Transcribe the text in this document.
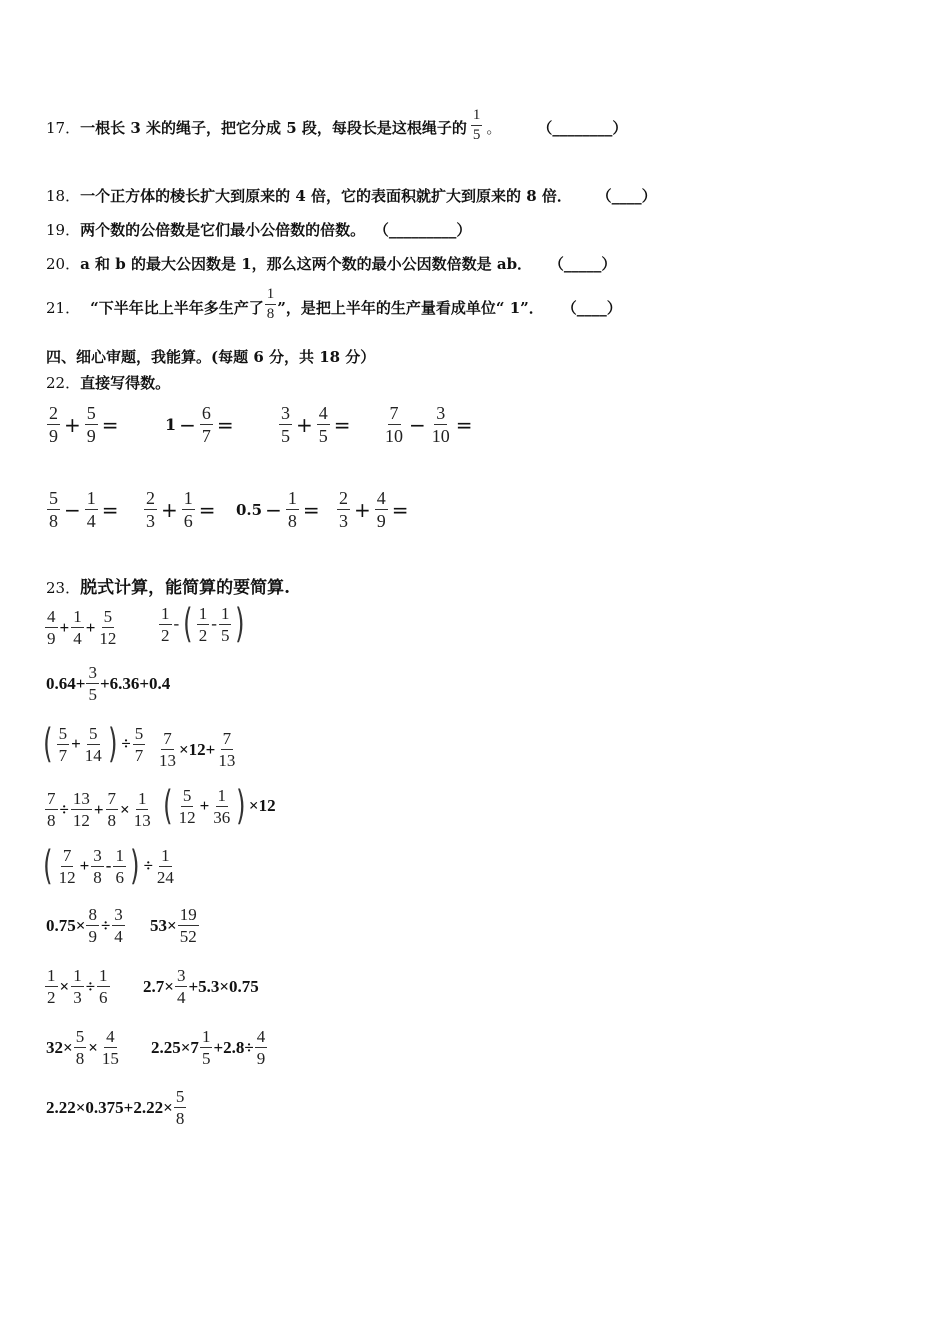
17． 一根长 3 米的绳子，把它分成 5 段，每段长是这根绳子的 $\frac{1}{5}$ 。 （________）
18．一个正方体的棱长扩大到原来的 4 倍，它的表面积就扩大到原来的 8 倍． （____）
19．两个数的公倍数是它们最小公倍数的倍数。 （_________）
20．a 和 b 的最大公因数是 1，那么这两个数的最小公因数倍数是 ab． （_____）
21． “下半年比上半年多生产了 $\frac{1}{8}$ ”，是把上半年的生产量看成单位“ 1”． （____）
四、细心审题，我能算。(每题 6 分，共 18 分）
22．直接写得数。
$\frac{2}{9} + \frac{5}{9}$ =	$1 - \frac{6}{7}$ =	$\frac{3}{5} + \frac{4}{5} = \frac{7}{10} - \frac{3}{10}$ =
$\frac{5}{8} - \frac{1}{4} = \frac{2}{3} + \frac{1}{6} = 0.5 - \frac{1}{8} = \frac{2}{3} + \frac{4}{9}$ =
23．脱式计算，能简算的要简算.
$\frac{4}{9} + \frac{1}{4} + \frac{5}{12} \frac{1}{2}$ - ( $\frac{1}{2} - \frac{1}{5}$ )
$0.64+ \frac{3}{5} +6.36+0.4$
( $\frac{5}{7} + \frac{5}{14}$ ) ÷ $\frac{5}{7} \frac{7}{13} \times 12+ \frac{7}{13}$
$\frac{7}{8} \div \frac{13}{12} + \frac{7}{8} \times \frac{1}{13}$ ( $\frac{5}{12} + \frac{1}{36}$ ) ×12
( $\frac{7}{12} + \frac{3}{8} - \frac{1}{6}$ ) ÷ $\frac{1}{24}$
$0.75\times \frac{8}{9} \div \frac{3}{4} 53\times \frac{19}{52}$
$\frac{1}{2} \times \frac{1}{3} \div \frac{1}{6} 2.7\times \frac{3}{4} +5.3\times 0.75$
$32\times \frac{5}{8} \times \frac{4}{15} 2.25\times 7 \frac{1}{5} +2.8\div \frac{4}{9}$
$2.22\times 0.375+2.22\times \frac{5}{8}$
